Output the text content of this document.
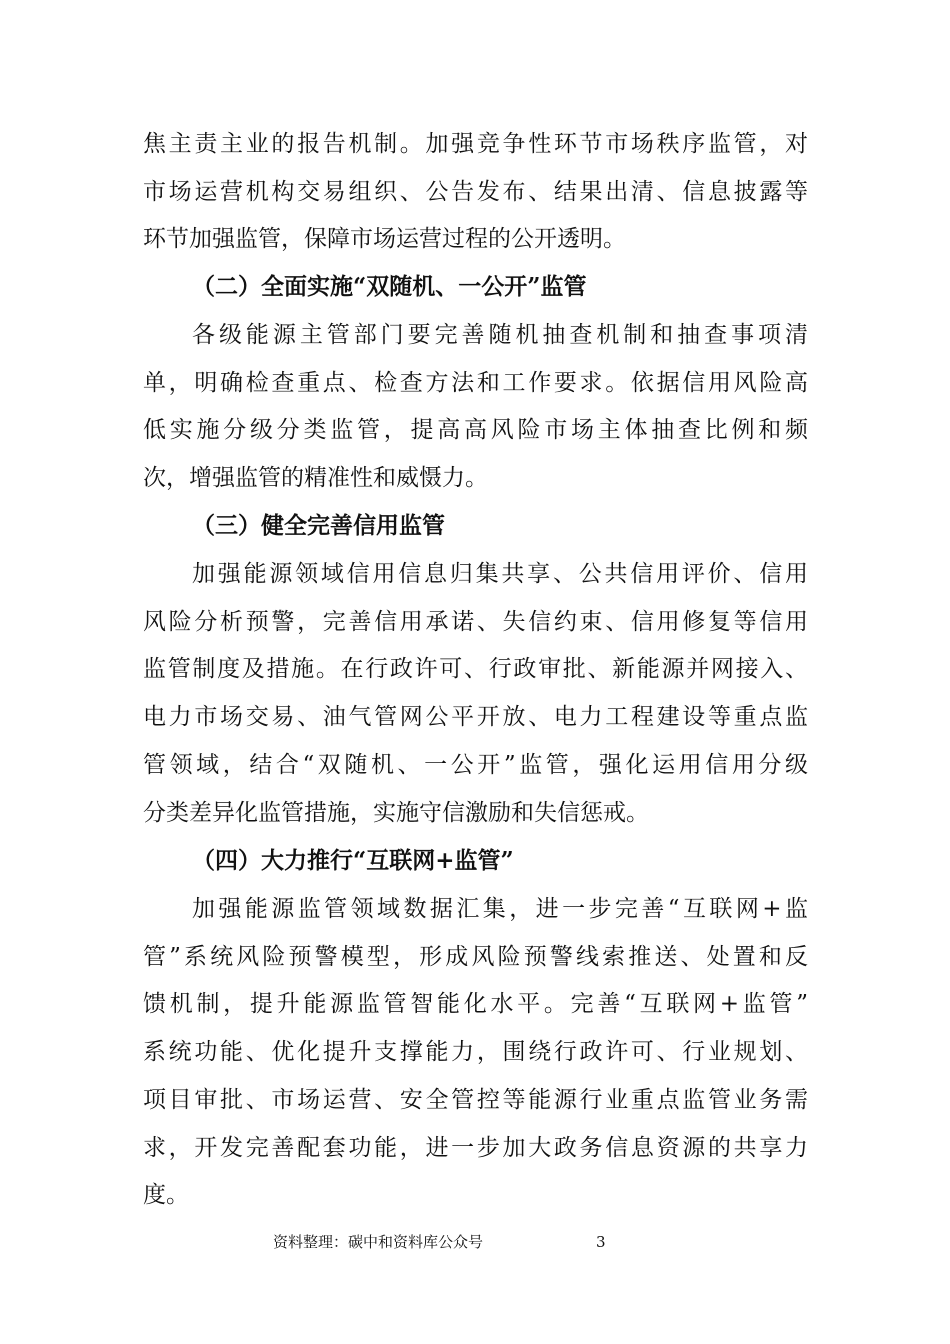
焦主责主业的报告机制。加强竞争性环节市场秩序监管，对
市场运营机构交易组织、公告发布、结果出清、信息披露等
环节加强监管，保障市场运营过程的公开透明。
（二）全面实施“双随机、一公开”监管
各级能源主管部门要完善随机抽查机制和抽查事项清
单，明确检查重点、检查方法和工作要求。依据信用风险高
低实施分级分类监管，提高高风险市场主体抽查比例和频
次，增强监管的精准性和威慑力。
（三）健全完善信用监管
加强能源领域信用信息归集共享、公共信用评价、信用
风险分析预警，完善信用承诺、失信约束、信用修复等信用
监管制度及措施。在行政许可、行政审批、新能源并网接入、
电力市场交易、油气管网公平开放、电力工程建设等重点监
管领域，结合“双随机、一公开”监管，强化运用信用分级
分类差异化监管措施，实施守信激励和失信惩戒。
（四）大力推行“互联网+监管”
加强能源监管领域数据汇集，进一步完善“互联网+监
管”系统风险预警模型，形成风险预警线索推送、处置和反
馈机制，提升能源监管智能化水平。完善“互联网+监管”
系统功能、优化提升支撑能力，围绕行政许可、行业规划、
项目审批、市场运营、安全管控等能源行业重点监管业务需
求，开发完善配套功能，进一步加大政务信息资源的共享力
度。
资料整理：碳中和资料库公众号	3
